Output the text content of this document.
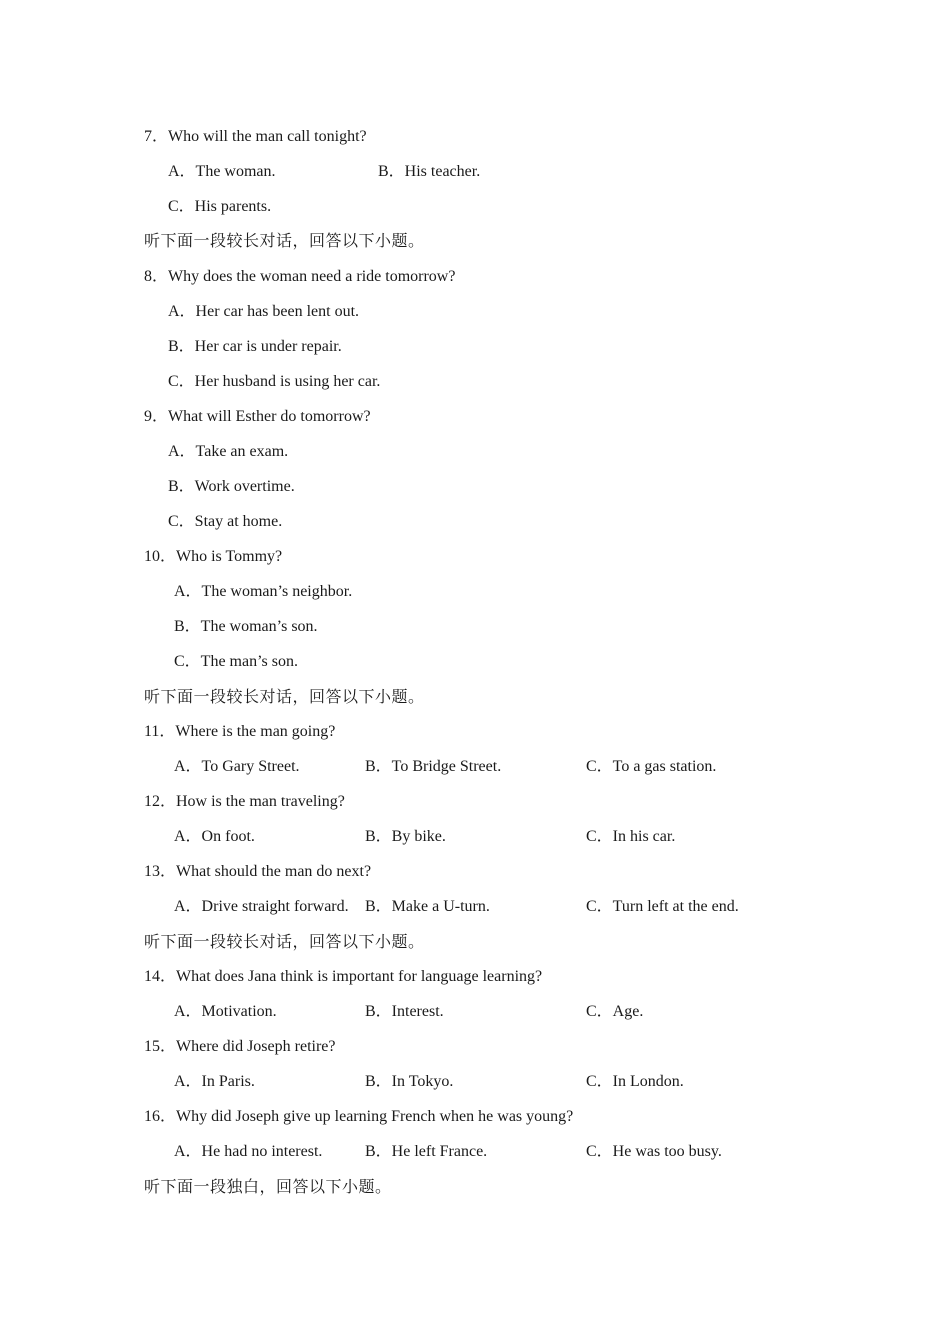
7．Who will the man call tonight?
A．The woman.	B．His teacher.
C．His parents.
听下面一段较长对话，回答以下小题。
8．Why does the woman need a ride tomorrow?
A．Her car has been lent out.
B．Her car is under repair.
C．Her husband is using her car.
9．What will Esther do tomorrow?
A．Take an exam.
B．Work overtime.
C．Stay at home.
10．Who is Tommy?
A．The woman’s neighbor.
B．The woman’s son.
C．The man’s son.
听下面一段较长对话，回答以下小题。
11．Where is the man going?
A．To Gary Street.	B．To Bridge Street.	C．To a gas station.
12．How is the man traveling?
A．On foot.	B．By bike.	C．In his car.
13．What should the man do next?
A．Drive straight forward. B．Make a U-turn.	C．Turn left at the end.
听下面一段较长对话，回答以下小题。
14．What does Jana think is important for language learning?
A．Motivation.	B．Interest.	C．Age.
15．Where did Joseph retire?
A．In Paris.	B．In Tokyo.	C．In London.
16．Why did Joseph give up learning French when he was young?
A．He had no interest.	B．He left France.	C．He was too busy.
听下面一段独白，回答以下小题。
